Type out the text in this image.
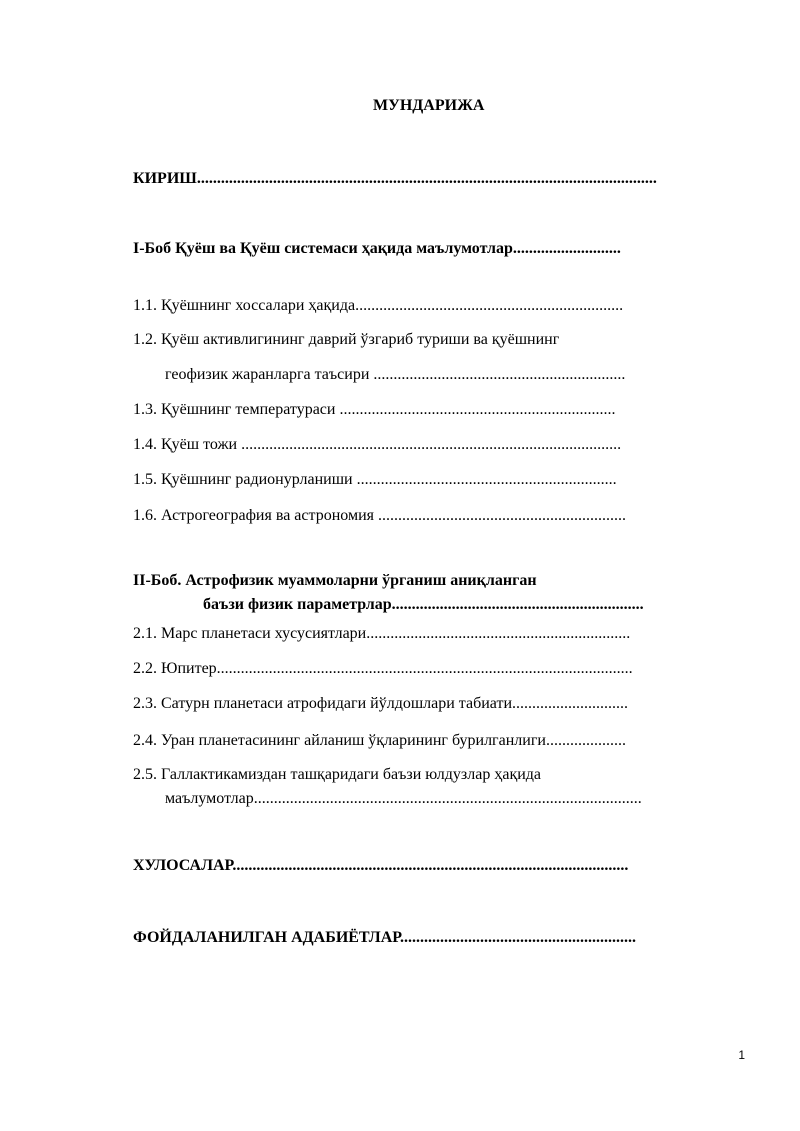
МУНДАРИЖА
КИРИШ...................................................................................................................
I-Боб Қуёш ва Қуёш системаси ҳақида маълумотлар...........................
1.1. Қуёшнинг хоссалари ҳақида...................................................................
1.2. Қуёш активлигининг даврий ўзгариб туриши ва қуёшнинг
геофизик жаранларга таъсири ...............................................................
1.3. Қуёшнинг температураси .....................................................................
1.4. Қуёш тожи ...............................................................................................
1.5. Қуёшнинг радионурланиши .................................................................
1.6. Астрогеография ва астрономия ..............................................................
II-Боб. Астрофизик муаммоларни ўрганиш аниқланган
баъзи физик параметрлар...............................................................
2.1. Марс планетаси хусусиятлари..................................................................
2.2. Юпитер........................................................................................................
2.3. Сатурн планетаси атрофидаги йўлдошлари табиати.............................
2.4. Уран планетасининг айланиш ўқларининг бурилганлиги....................
2.5. Галлактикамиздан ташқаридаги баъзи юлдузлар ҳақида
маълумотлар.................................................................................................
ХУЛОСАЛАР...................................................................................................
ФОЙДАЛАНИЛГАН АДАБИЁТЛАР...........................................................
1
